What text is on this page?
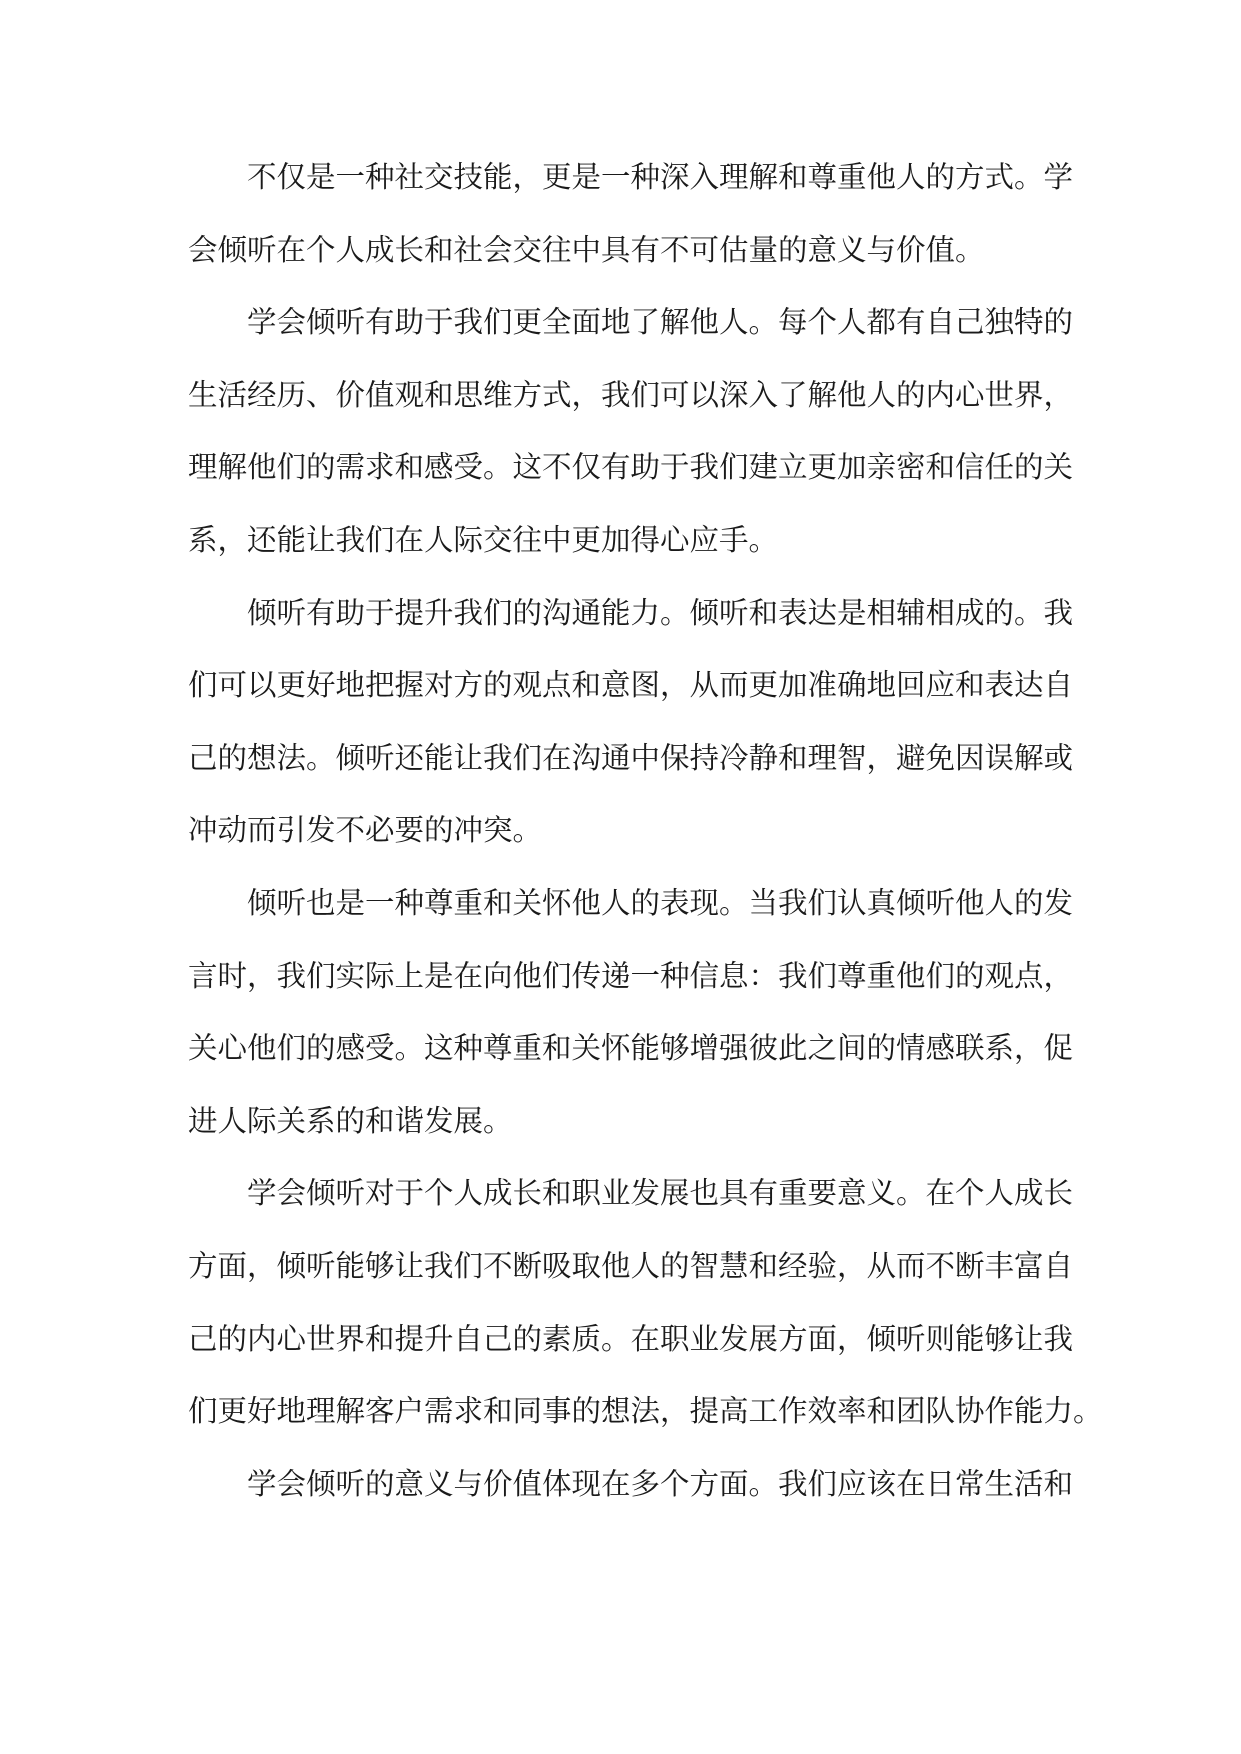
不仅是一种社交技能，更是一种深入理解和尊重他人的方式。学
会倾听在个人成长和社会交往中具有不可估量的意义与价值。
学会倾听有助于我们更全面地了解他人。每个人都有自己独特的
生活经历、价值观和思维方式，我们可以深入了解他人的内心世界，
理解他们的需求和感受。这不仅有助于我们建立更加亲密和信任的关
系，还能让我们在人际交往中更加得心应手。
倾听有助于提升我们的沟通能力。倾听和表达是相辅相成的。我
们可以更好地把握对方的观点和意图，从而更加准确地回应和表达自
己的想法。倾听还能让我们在沟通中保持冷静和理智，避免因误解或
冲动而引发不必要的冲突。
倾听也是一种尊重和关怀他人的表现。当我们认真倾听他人的发
言时，我们实际上是在向他们传递一种信息：我们尊重他们的观点，
关心他们的感受。这种尊重和关怀能够增强彼此之间的情感联系，促
进人际关系的和谐发展。
学会倾听对于个人成长和职业发展也具有重要意义。在个人成长
方面，倾听能够让我们不断吸取他人的智慧和经验，从而不断丰富自
己的内心世界和提升自己的素质。在职业发展方面，倾听则能够让我
们更好地理解客户需求和同事的想法，提高工作效率和团队协作能力。
学会倾听的意义与价值体现在多个方面。我们应该在日常生活和
